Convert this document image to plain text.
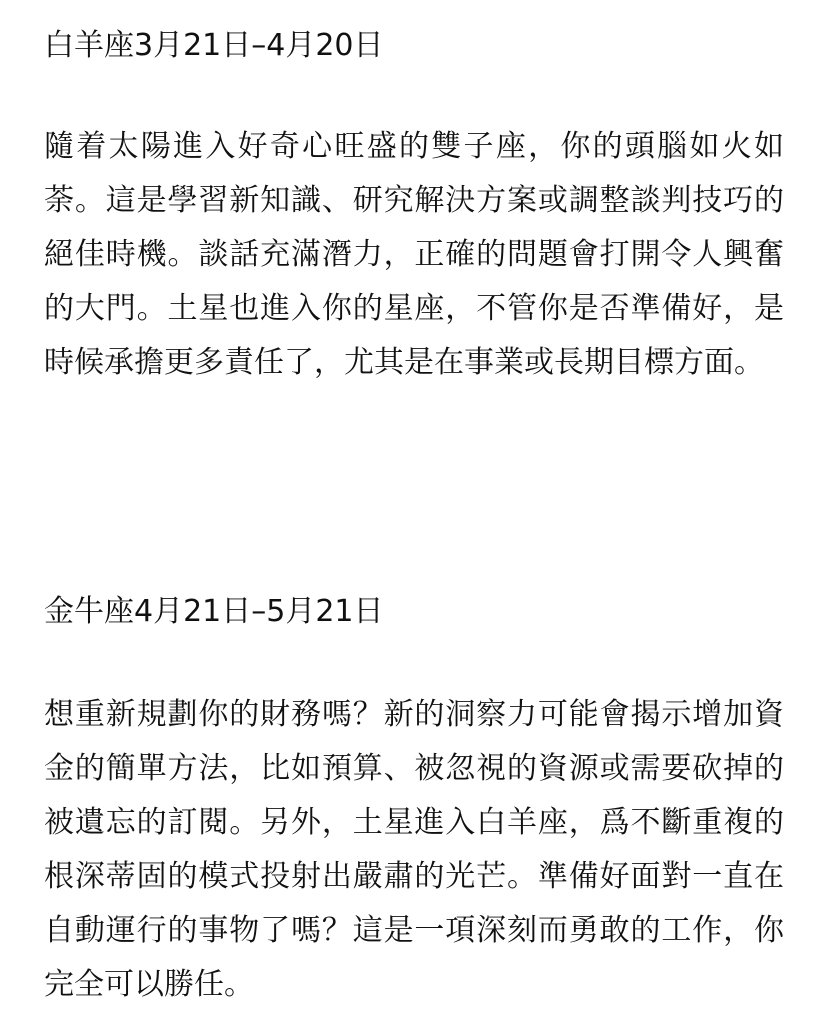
白羊座3月21日–4月20日

隨着太陽進入好奇心旺盛的雙子座，你的頭腦如火如荼。這是學習新知識、研究解決方案或調整談判技巧的絕佳時機。談話充滿潛力，正確的問題會打開令人興奮的大門。土星也進入你的星座，不管你是否準備好，是時候承擔更多責任了，尤其是在事業或長期目標方面。

金牛座4月21日–5月21日

想重新規劃你的財務嗎？新的洞察力可能會揭示增加資金的簡單方法，比如預算、被忽視的資源或需要砍掉的被遺忘的訂閱。另外，土星進入白羊座，爲不斷重複的根深蒂固的模式投射出嚴肅的光芒。準備好面對一直在自動運行的事物了嗎？這是一項深刻而勇敢的工作，你完全可以勝任。
